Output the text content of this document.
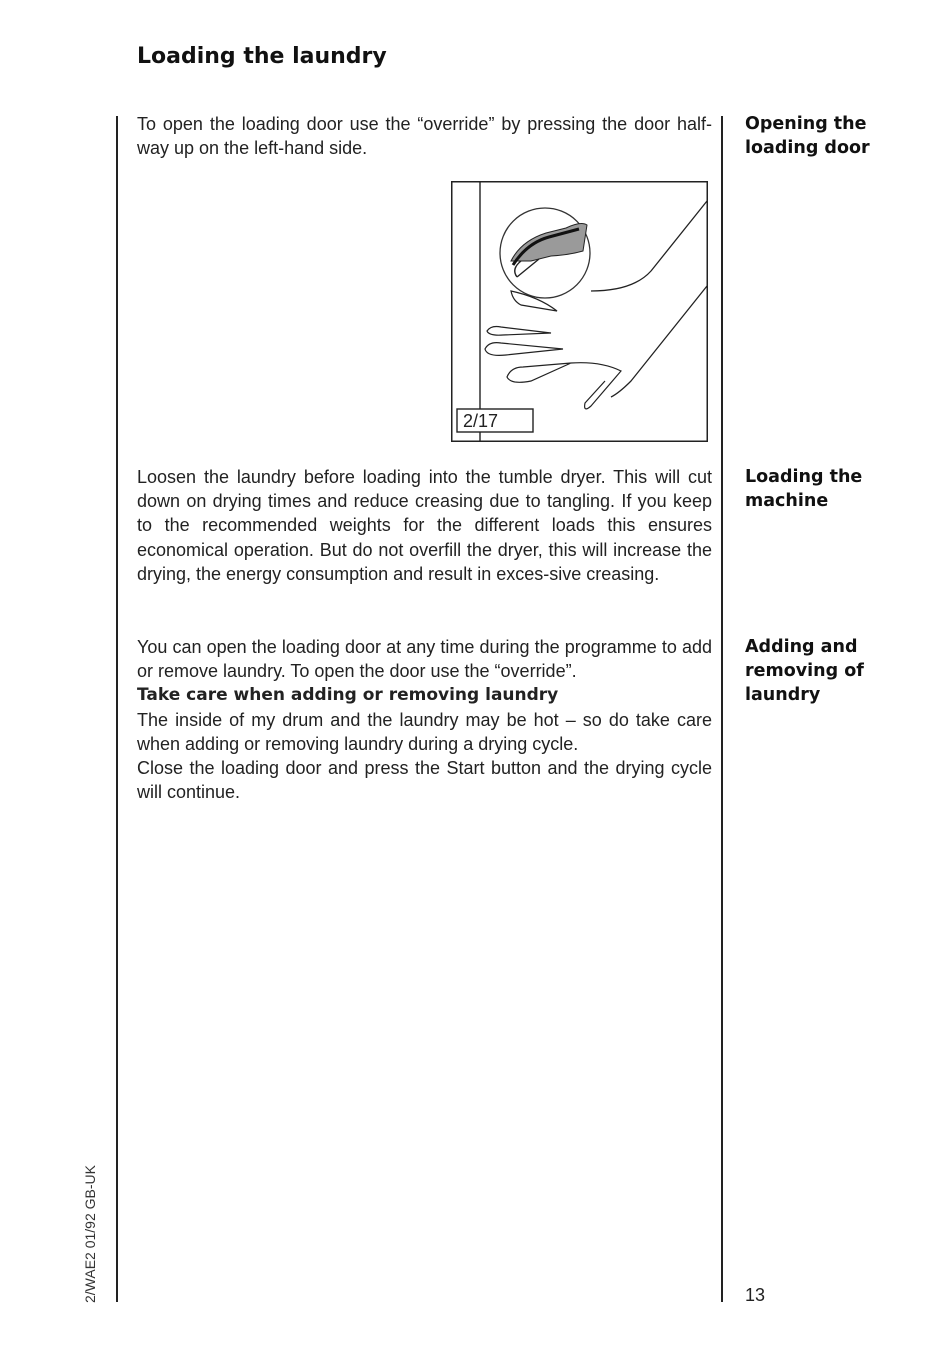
Loading the laundry

To open the loading door use the “override” by pressing the door half-way up on the left-hand side.

Opening the
loading door
2/17

Loosen the laundry before loading into the tumble dryer. This will cut down on drying times and reduce creasing due to tangling. If you keep to the recommended weights for the different loads this ensures economical operation. But do not overfill the dryer, this will increase the drying, the energy consumption and result in exces-sive creasing.

Loading the
machine

You can open the loading door at any time during the programme to add or remove laundry. To open the door use the “override”.

Take care when adding or removing laundry

The inside of my drum and the laundry may be hot – so do take care when adding or removing laundry during a drying cycle.

Close the loading door and press the Start button and the drying cycle will continue.

Adding and
removing of
laundry
2/WAE2 01/92 GB-UK	13
